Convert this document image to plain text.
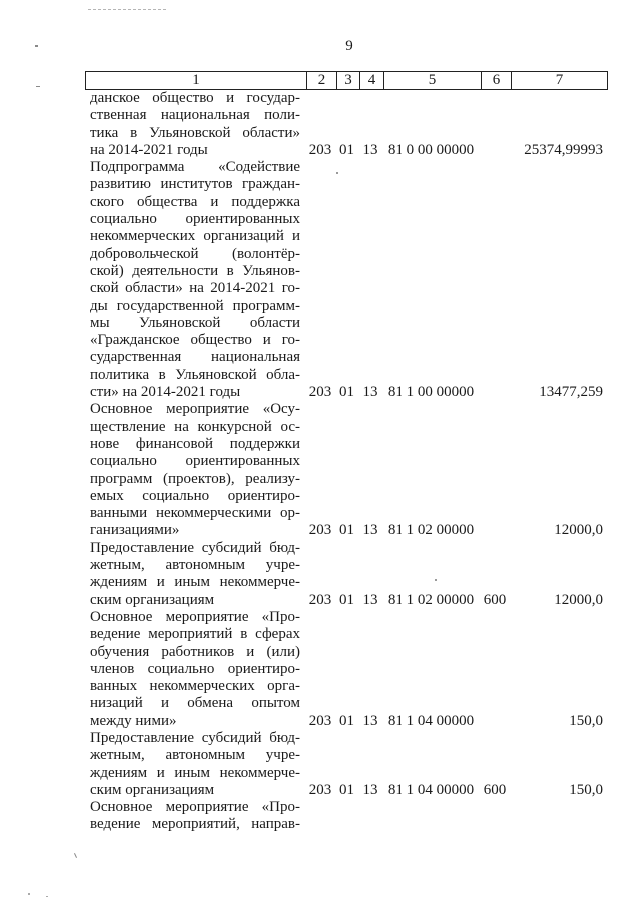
9
1	2	3	4	5	6	7
данское общество и государ-
ственная национальная поли-
тика в Ульяновской области»
на 2014-2021 годы	203 01 13 81 0 00 00000	25374,99993
Подпрограмма «Содействие
развитию институтов граждан-
ского общества и поддержка
социально ориентированных
некоммерческих организаций и
добровольческой (волонтёр-
ской) деятельности в Ульянов-
ской области» на 2014-2021 го-
ды государственной программ-
мы Ульяновской области
«Гражданское общество и го-
сударственная национальная
политика в Ульяновской обла-
сти» на 2014-2021 годы	203 01 13 81 1 00 00000	13477,259
Основное мероприятие «Осу-
ществление на конкурсной ос-
нове финансовой поддержки
социально ориентированных
программ (проектов), реализу-
емых социально ориентиро-
ванными некоммерческими ор-
ганизациями»	203 01 13 81 1 02 00000	12000,0
Предоставление субсидий бюд-
жетным, автономным учре-
ждениям и иным некоммерче-
ским организациям	203 01 13 81 1 02 00000 600	12000,0
Основное мероприятие «Про-
ведение мероприятий в сферах
обучения работников и (или)
членов социально ориентиро-
ванных некоммерческих орга-
низаций и обмена опытом
между ними»	203 01 13 81 1 04 00000	150,0
Предоставление субсидий бюд-
жетным, автономным учре-
ждениям и иным некоммерче-
ским организациям	203 01 13 81 1 04 00000 600	150,0
Основное мероприятие «Про-
ведение мероприятий, направ-
